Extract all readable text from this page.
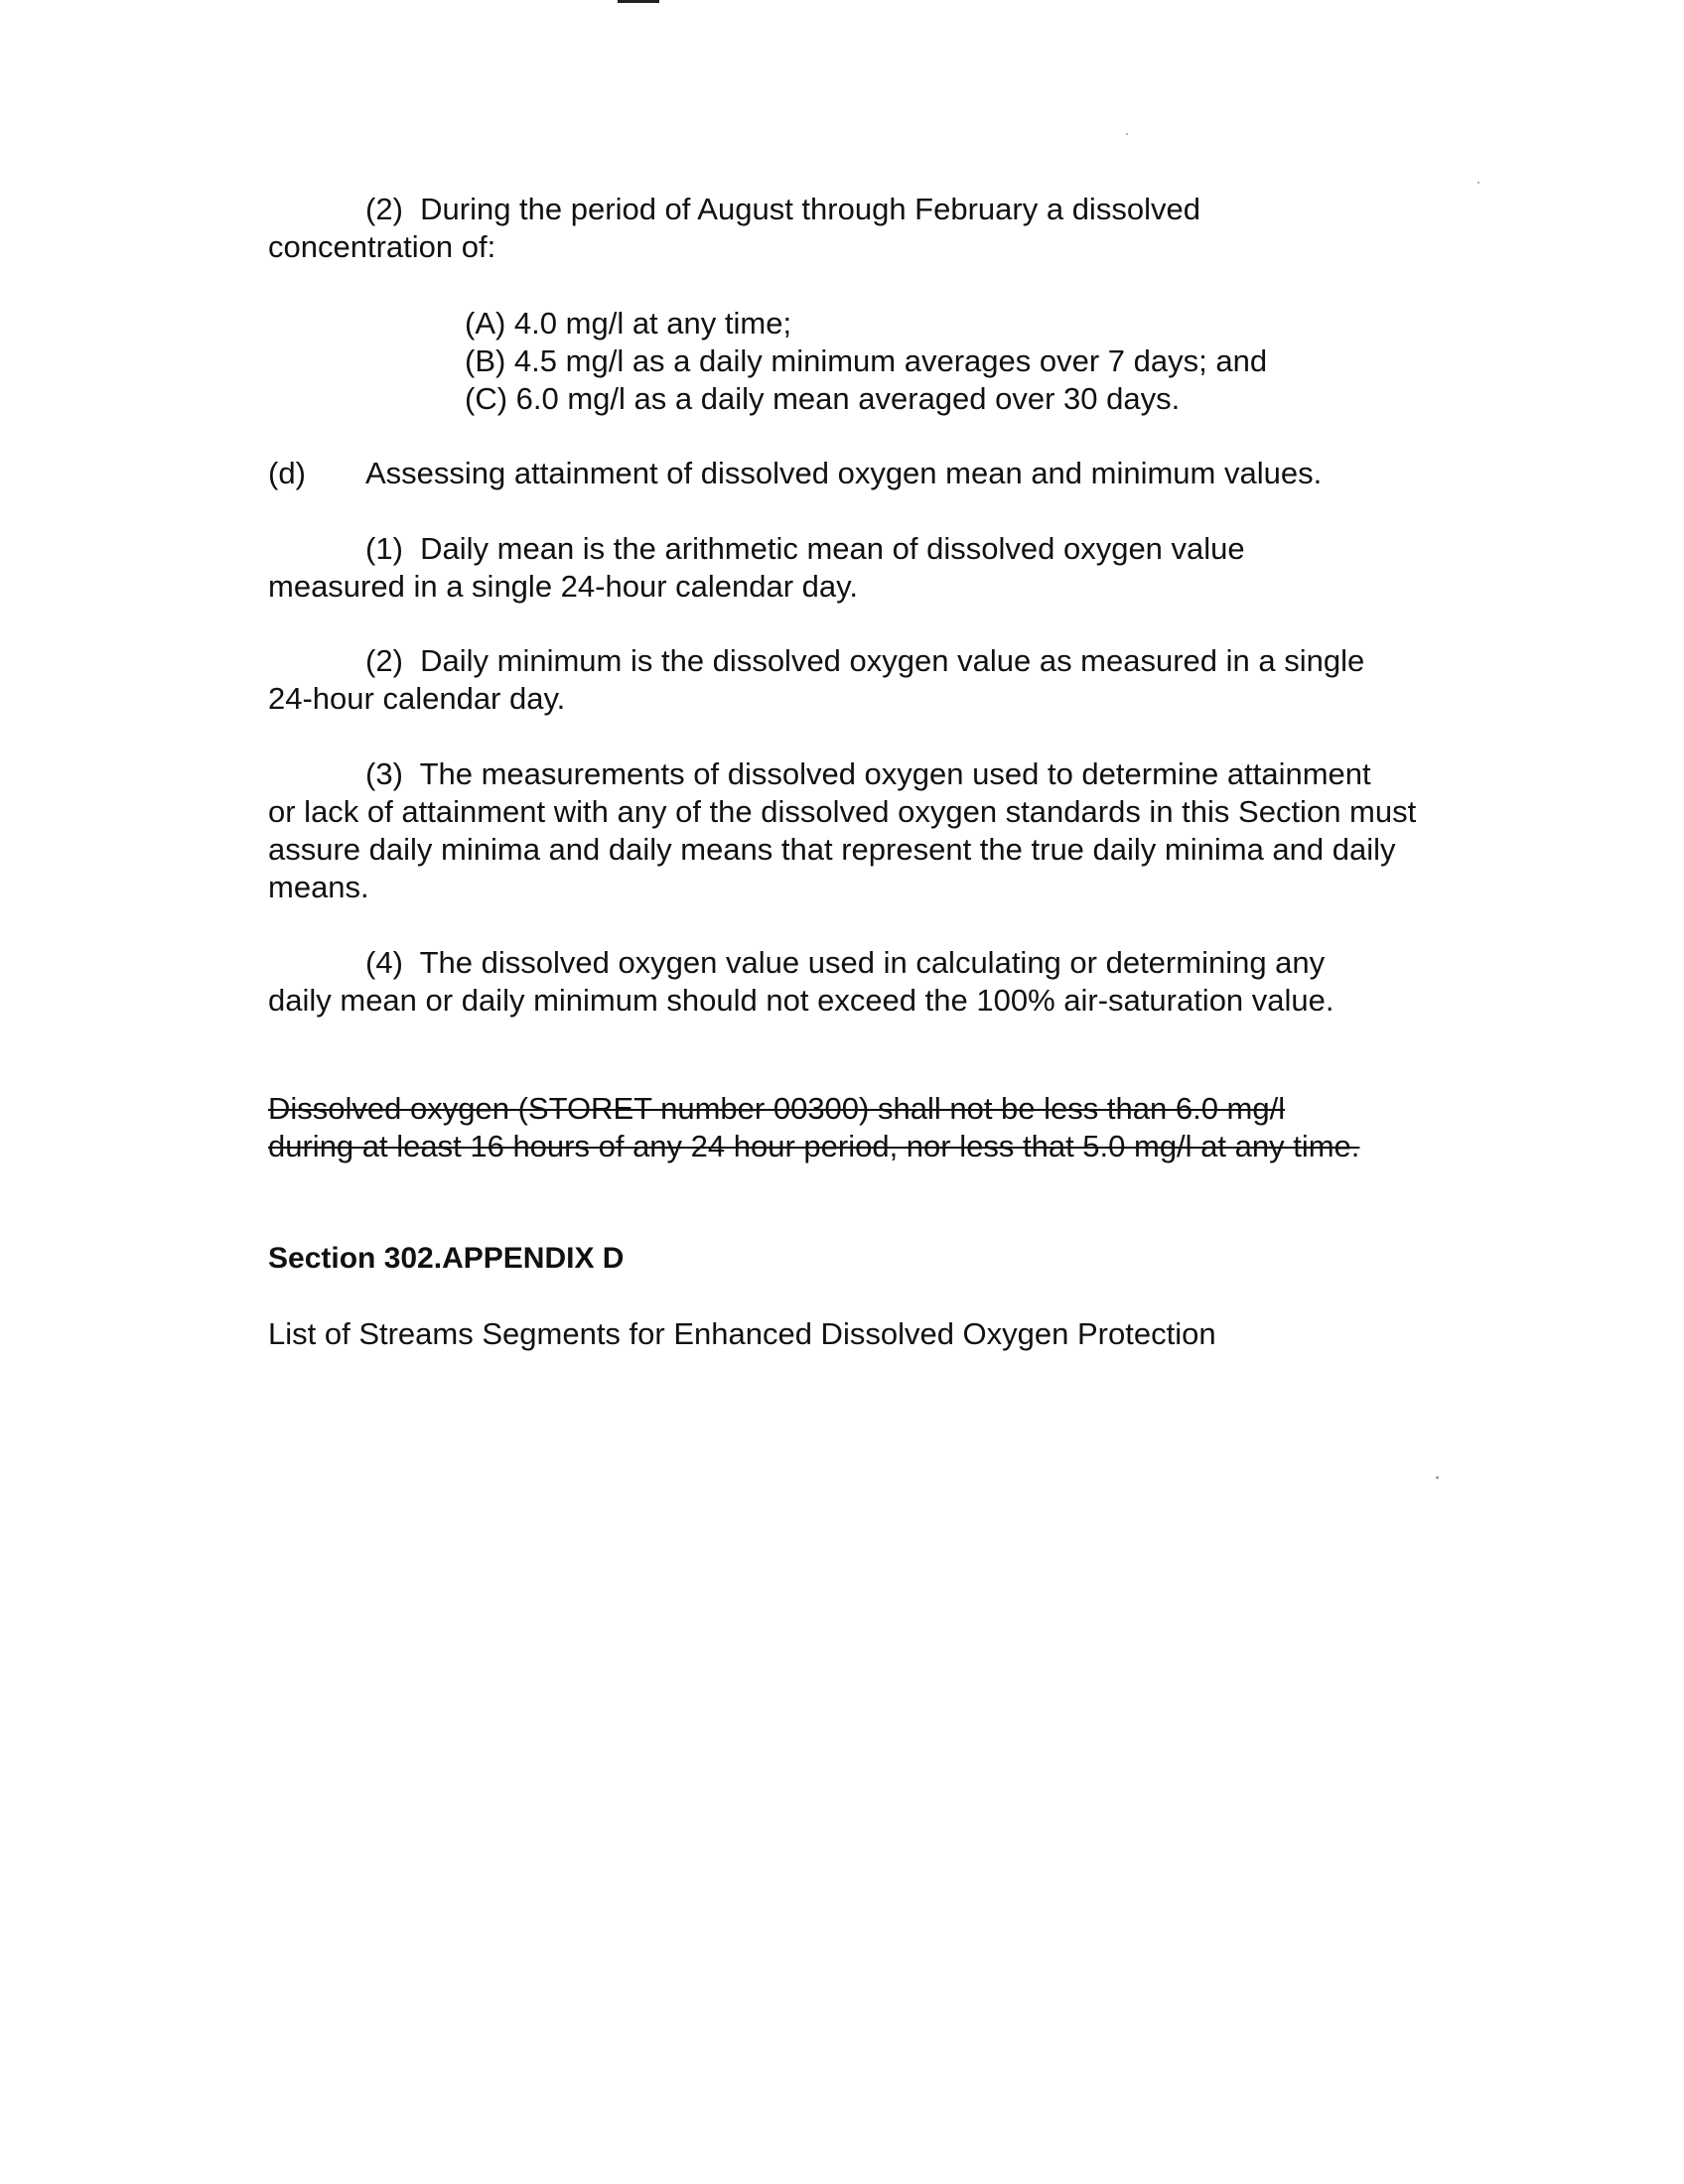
(2) During the period of August through February a dissolved
concentration of:

(A) 4.0 mg/l at any time;
(B) 4.5 mg/l as a daily minimum averages over 7 days; and
(C) 6.0 mg/l as a daily mean averaged over 30 days.
(d) Assessing attainment of dissolved oxygen mean and minimum values.

(1) Daily mean is the arithmetic mean of dissolved oxygen value
measured in a single 24-hour calendar day.

(2) Daily minimum is the dissolved oxygen value as measured in a single
24-hour calendar day.

(3) The measurements of dissolved oxygen used to determine attainment
or lack of attainment with any of the dissolved oxygen standards in this Section must assure daily minima and daily means that represent the true daily minima and daily means.

(4) The dissolved oxygen value used in calculating or determining any
daily mean or daily minimum should not exceed the 100% air-saturation value.

Dissolved oxygen (STORET number 00300) shall not be less than 6.0 mg/l
during at least 16 hours of any 24 hour period, nor less that 5.0 mg/l at any time.

Section 302.APPENDIX D

List of Streams Segments for Enhanced Dissolved Oxygen Protection
